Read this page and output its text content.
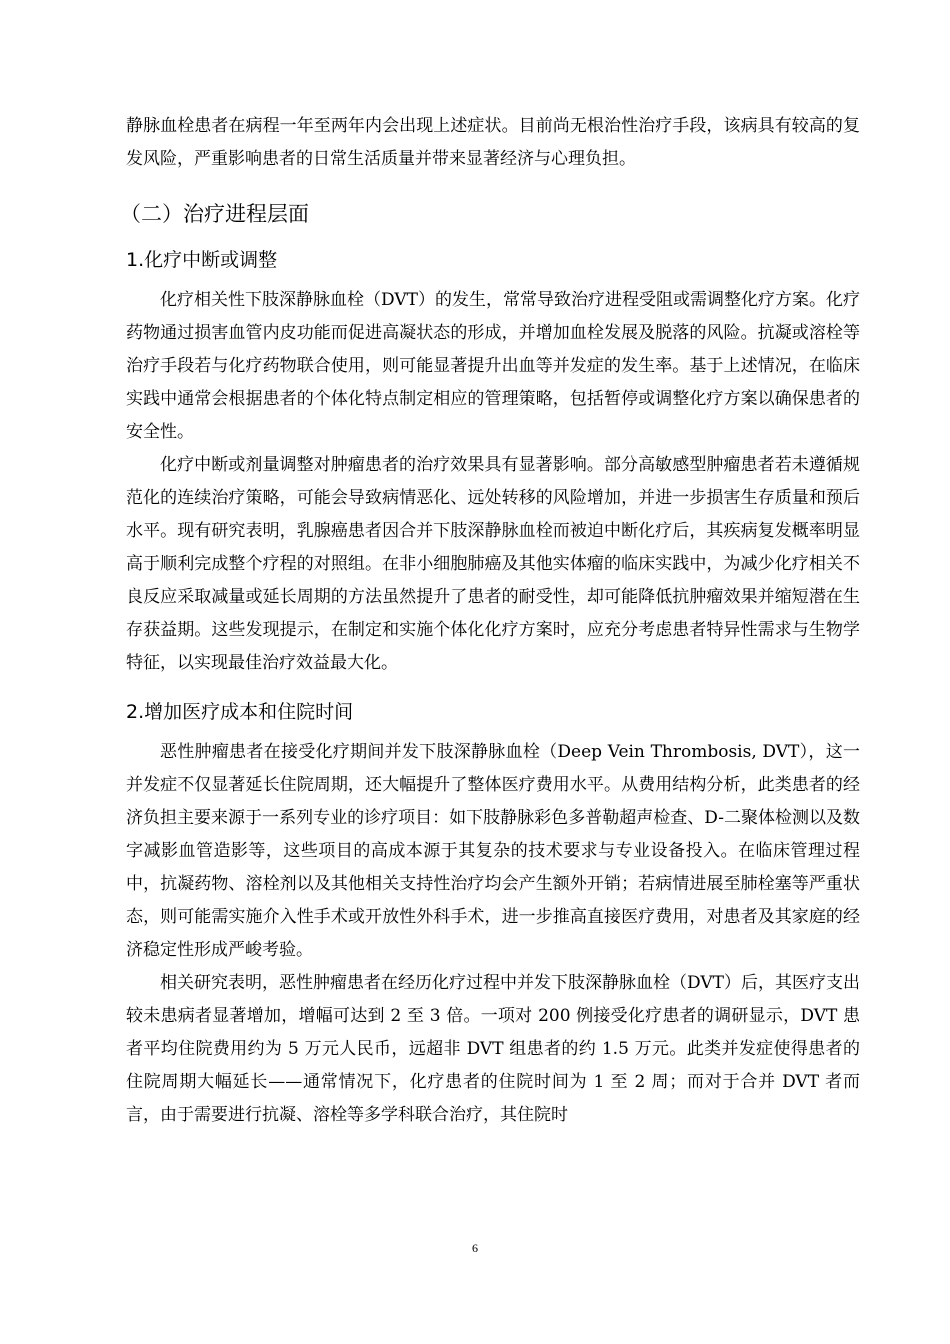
静脉血栓患者在病程一年至两年内会出现上述症状。目前尚无根治性治疗手段，该病具有较高的复发风险，严重影响患者的日常生活质量并带来显著经济与心理负担。

（二）治疗进程层面
1.化疗中断或调整

化疗相关性下肢深静脉血栓（DVT）的发生，常常导致治疗进程受阻或需调整化疗方案。化疗药物通过损害血管内皮功能而促进高凝状态的形成，并增加血栓发展及脱落的风险。抗凝或溶栓等治疗手段若与化疗药物联合使用，则可能显著提升出血等并发症的发生率。基于上述情况，在临床实践中通常会根据患者的个体化特点制定相应的管理策略，包括暂停或调整化疗方案以确保患者的安全性。

化疗中断或剂量调整对肿瘤患者的治疗效果具有显著影响。部分高敏感型肿瘤患者若未遵循规范化的连续治疗策略，可能会导致病情恶化、远处转移的风险增加，并进一步损害生存质量和预后水平。现有研究表明，乳腺癌患者因合并下肢深静脉血栓而被迫中断化疗后，其疾病复发概率明显高于顺利完成整个疗程的对照组。在非小细胞肺癌及其他实体瘤的临床实践中，为减少化疗相关不良反应采取减量或延长周期的方法虽然提升了患者的耐受性，却可能降低抗肿瘤效果并缩短潜在生存获益期。这些发现提示，在制定和实施个体化化疗方案时，应充分考虑患者特异性需求与生物学特征，以实现最佳治疗效益最大化。

2.增加医疗成本和住院时间

恶性肿瘤患者在接受化疗期间并发下肢深静脉血栓（Deep Vein Thrombosis, DVT），这一并发症不仅显著延长住院周期，还大幅提升了整体医疗费用水平。从费用结构分析，此类患者的经济负担主要来源于一系列专业的诊疗项目：如下肢静脉彩色多普勒超声检查、D-二聚体检测以及数字减影血管造影等，这些项目的高成本源于其复杂的技术要求与专业设备投入。在临床管理过程中，抗凝药物、溶栓剂以及其他相关支持性治疗均会产生额外开销；若病情进展至肺栓塞等严重状态，则可能需实施介入性手术或开放性外科手术，进一步推高直接医疗费用，对患者及其家庭的经济稳定性形成严峻考验。

相关研究表明，恶性肿瘤患者在经历化疗过程中并发下肢深静脉血栓（DVT）后，其医疗支出较未患病者显著增加，增幅可达到 2 至 3 倍。一项对 200 例接受化疗患者的调研显示，DVT 患者平均住院费用约为 5 万元人民币，远超非 DVT 组患者的约 1.5 万元。此类并发症使得患者的住院周期大幅延长——通常情况下，化疗患者的住院时间为 1 至 2 周；而对于合并 DVT 者而言，由于需要进行抗凝、溶栓等多学科联合治疗，其住院时

6
